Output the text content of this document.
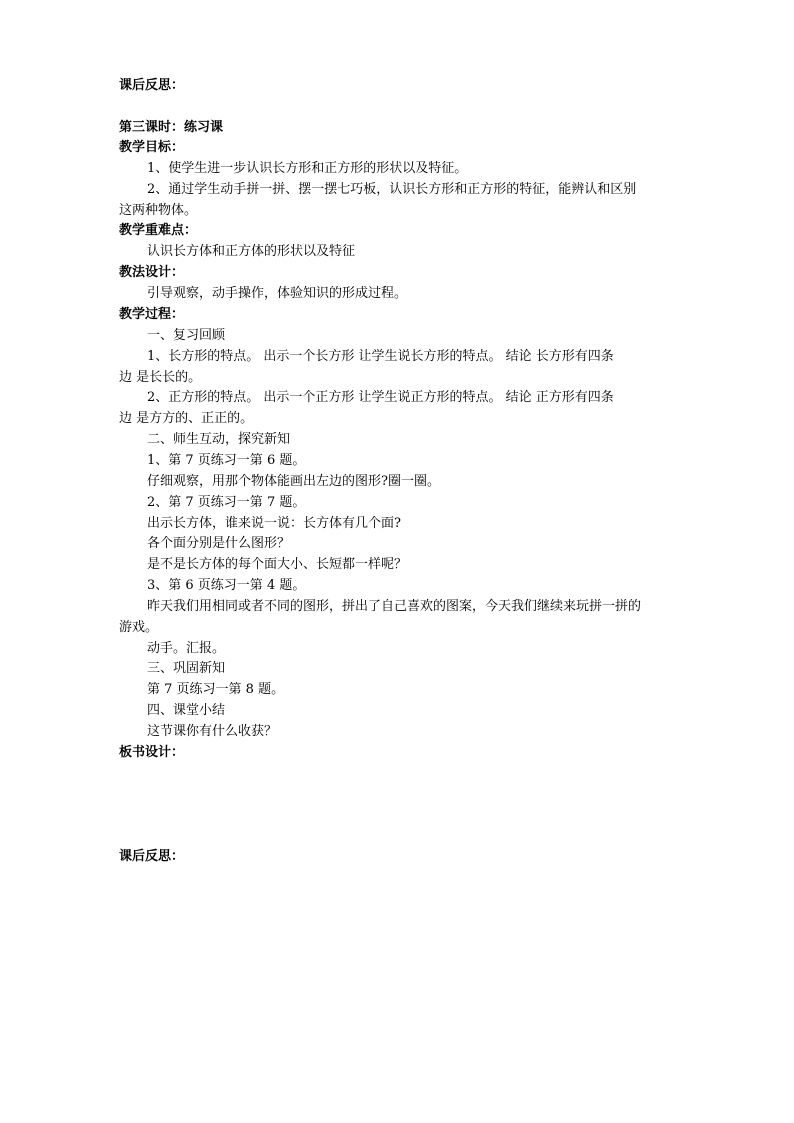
课后反思：
第三课时：练习课
教学目标：
1、使学生进一步认识长方形和正方形的形状以及特征。
2、通过学生动手拼一拼、摆一摆七巧板，认识长方形和正方形的特征，能辨认和区别
这两种物体。
教学重难点：
认识长方体和正方体的形状以及特征
教法设计：
引导观察，动手操作，体验知识的形成过程。
教学过程：
一、复习回顾
1、长方形的特点。 出示一个长方形 让学生说长方形的特点。 结论 长方形有四条
边 是长长的。
2、正方形的特点。 出示一个正方形 让学生说正方形的特点。 结论 正方形有四条
边 是方方的、正正的。
二、师生互动，探究新知
1、第 7 页练习一第 6 题。
仔细观察，用那个物体能画出左边的图形?圈一圈。
2、第 7 页练习一第 7 题。
出示长方体，谁来说一说：长方体有几个面?
各个面分别是什么图形？
是不是长方体的每个面大小、长短都一样呢？
3、第 6 页练习一第 4 题。
昨天我们用相同或者不同的图形，拼出了自己喜欢的图案，今天我们继续来玩拼一拼的
游戏。
动手。汇报。
三、巩固新知
第 7 页练习一第 8 题。
四、课堂小结
这节课你有什么收获？
板书设计：
课后反思：
